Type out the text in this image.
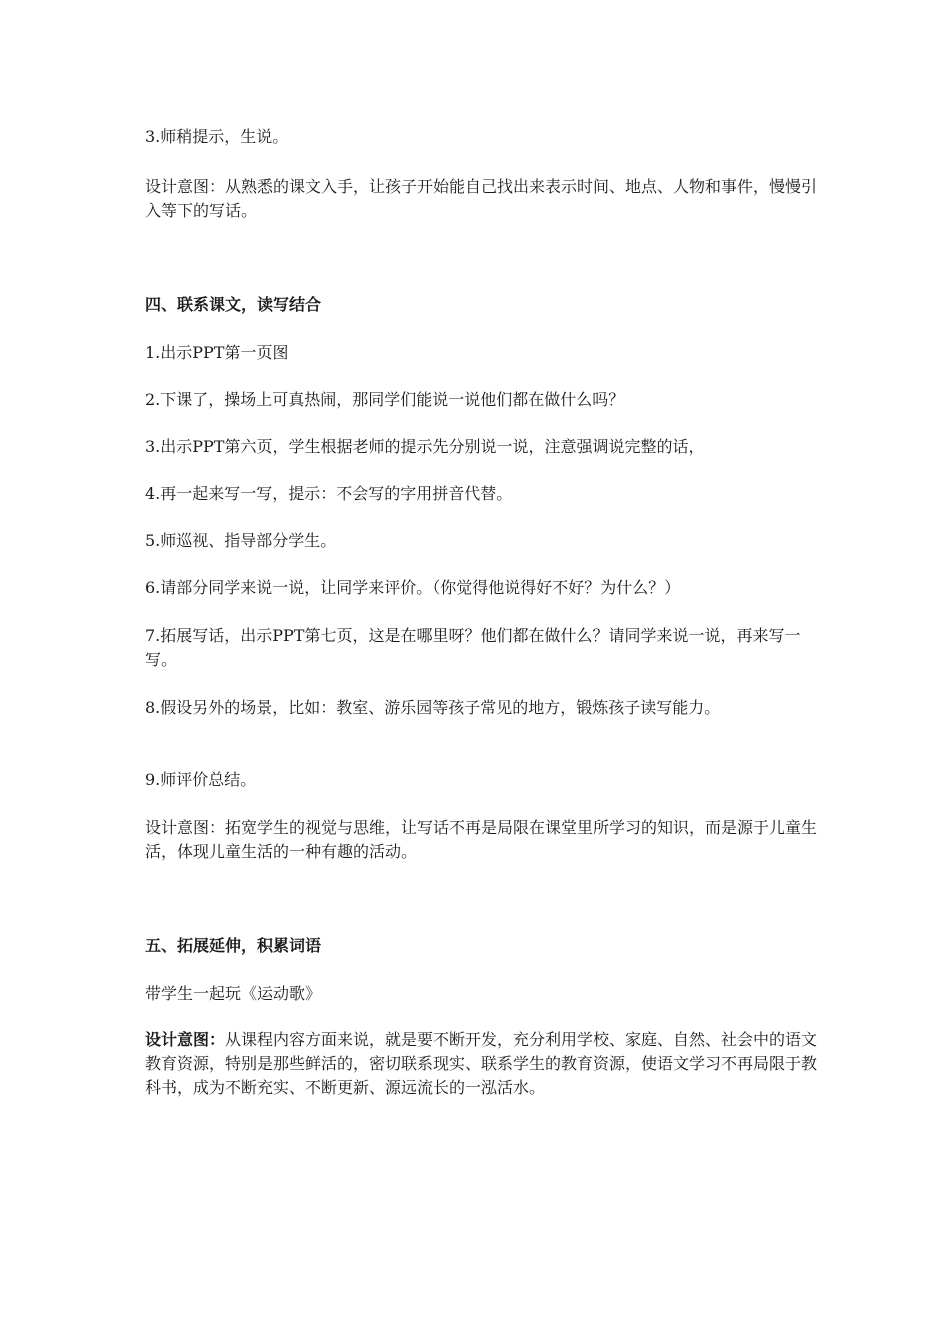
3.师稍提示，生说。
设计意图：从熟悉的课文入手，让孩子开始能自己找出来表示时间、地点、人物和事件，慢慢引入等下的写话。
四、联系课文，读写结合
1.出示PPT第一页图
2.下课了，操场上可真热闹，那同学们能说一说他们都在做什么吗？
3.出示PPT第六页，学生根据老师的提示先分别说一说，注意强调说完整的话，
4.再一起来写一写，提示：不会写的字用拼音代替。
5.师巡视、指导部分学生。
6.请部分同学来说一说，让同学来评价。（你觉得他说得好不好？为什么？）
7.拓展写话，出示PPT第七页，这是在哪里呀？他们都在做什么？请同学来说一说，再来写一写。
8.假设另外的场景，比如：教室、游乐园等孩子常见的地方，锻炼孩子读写能力。
9.师评价总结。
设计意图：拓宽学生的视觉与思维，让写话不再是局限在课堂里所学习的知识，而是源于儿童生活，体现儿童生活的一种有趣的活动。
五、拓展延伸，积累词语
带学生一起玩《运动歌》
设计意图：从课程内容方面来说，就是要不断开发，充分利用学校、家庭、自然、社会中的语文教育资源，特别是那些鲜活的，密切联系现实、联系学生的教育资源，使语文学习不再局限于教科书，成为不断充实、不断更新、源远流长的一泓活水。
